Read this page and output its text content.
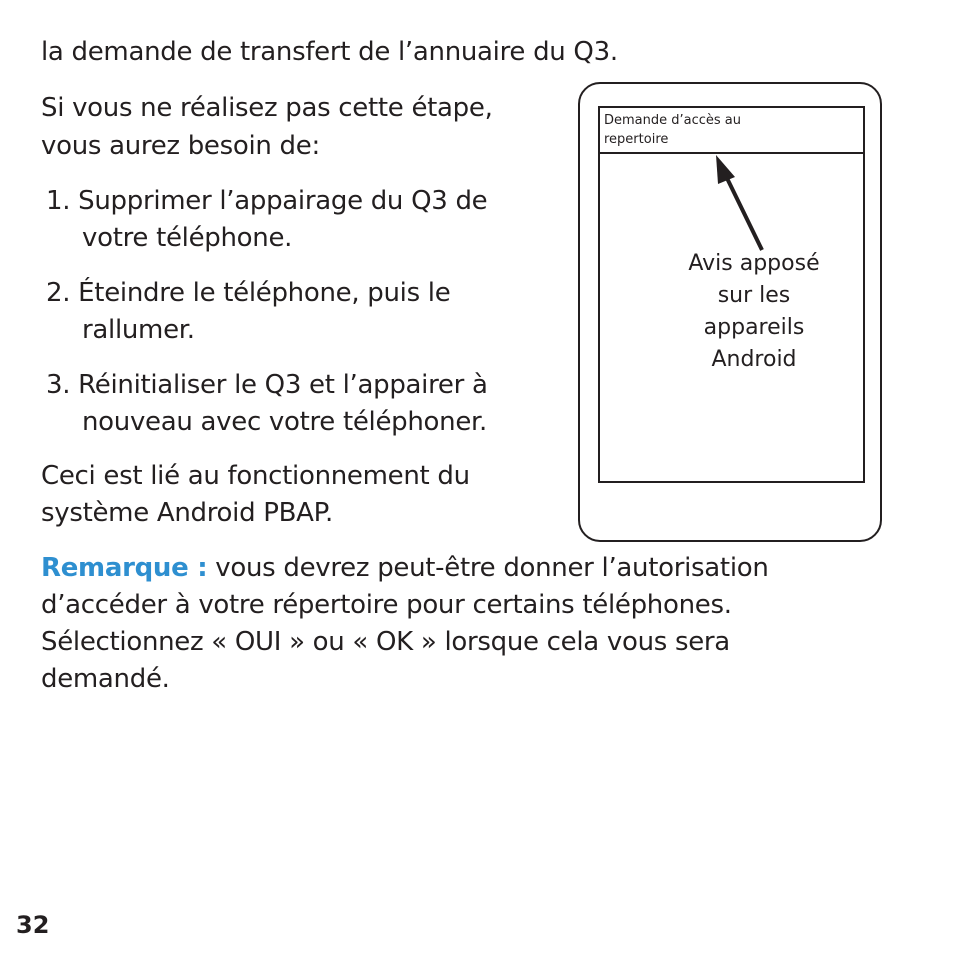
la demande de transfert de l’annuaire du Q3.
Si vous ne réalisez pas cette étape,
vous aurez besoin de:
1. Supprimer l’appairage du Q3 de
votre téléphone.
2. Éteindre le téléphone, puis le
rallumer.
3. Réinitialiser le Q3 et l’appairer à
nouveau avec votre téléphoner.
Ceci est lié au fonctionnement du
système Android PBAP.
Remarque : vous devrez peut-être donner l’autorisation
d’accéder à votre répertoire pour certains téléphones.
Sélectionnez « OUI » ou « OK » lorsque cela vous sera
demandé.
Demande d’accès au repertoire
Avis apposé
sur les
appareils
Android
32
